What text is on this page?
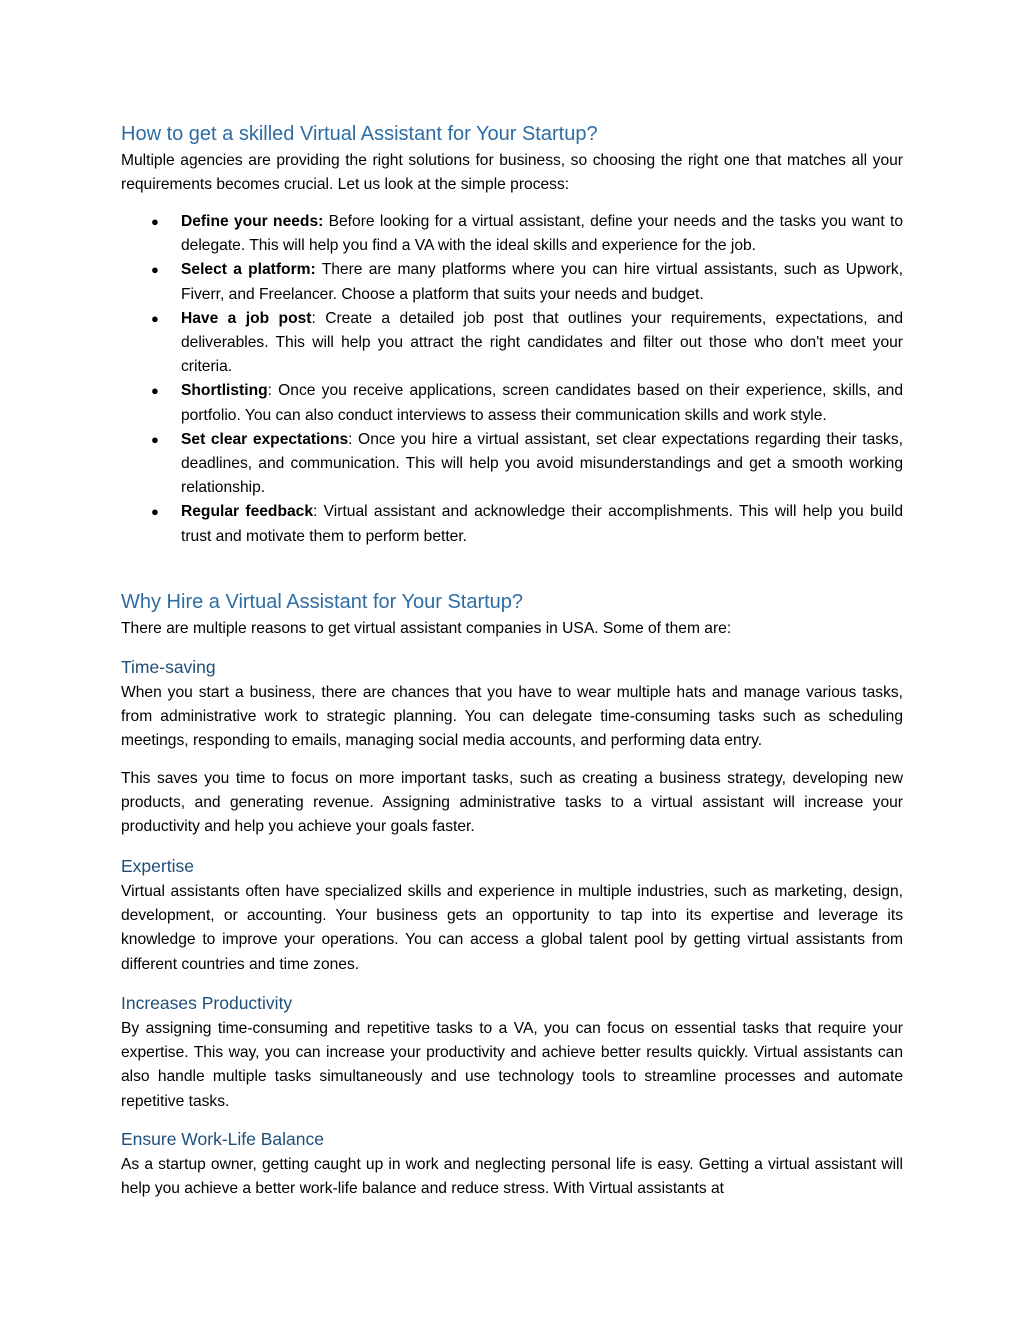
How to get a skilled Virtual Assistant for Your Startup?

Multiple agencies are providing the right solutions for business, so choosing the right one that matches all your requirements becomes crucial. Let us look at the simple process:

● Define your needs: Before looking for a virtual assistant, define your needs and the tasks you want to delegate. This will help you find a VA with the ideal skills and experience for the job.
● Select a platform: There are many platforms where you can hire virtual assistants, such as Upwork, Fiverr, and Freelancer. Choose a platform that suits your needs and budget.
● Have a job post: Create a detailed job post that outlines your requirements, expectations, and deliverables. This will help you attract the right candidates and filter out those who don't meet your criteria.
● Shortlisting: Once you receive applications, screen candidates based on their experience, skills, and portfolio. You can also conduct interviews to assess their communication skills and work style.
● Set clear expectations: Once you hire a virtual assistant, set clear expectations regarding their tasks, deadlines, and communication. This will help you avoid misunderstandings and get a smooth working relationship.
● Regular feedback: Virtual assistant and acknowledge their accomplishments. This will help you build trust and motivate them to perform better.
Why Hire a Virtual Assistant for Your Startup?

There are multiple reasons to get virtual assistant companies in USA. Some of them are:

Time-saving

When you start a business, there are chances that you have to wear multiple hats and manage various tasks, from administrative work to strategic planning. You can delegate time-consuming tasks such as scheduling meetings, responding to emails, managing social media accounts, and performing data entry.

This saves you time to focus on more important tasks, such as creating a business strategy, developing new products, and generating revenue. Assigning administrative tasks to a virtual assistant will increase your productivity and help you achieve your goals faster.

Expertise

Virtual assistants often have specialized skills and experience in multiple industries, such as marketing, design, development, or accounting. Your business gets an opportunity to tap into its expertise and leverage its knowledge to improve your operations. You can access a global talent pool by getting virtual assistants from different countries and time zones.

Increases Productivity

By assigning time-consuming and repetitive tasks to a VA, you can focus on essential tasks that require your expertise. This way, you can increase your productivity and achieve better results quickly. Virtual assistants can also handle multiple tasks simultaneously and use technology tools to streamline processes and automate repetitive tasks.

Ensure Work-Life Balance

As a startup owner, getting caught up in work and neglecting personal life is easy. Getting a virtual assistant will help you achieve a better work-life balance and reduce stress. With Virtual assistants at
